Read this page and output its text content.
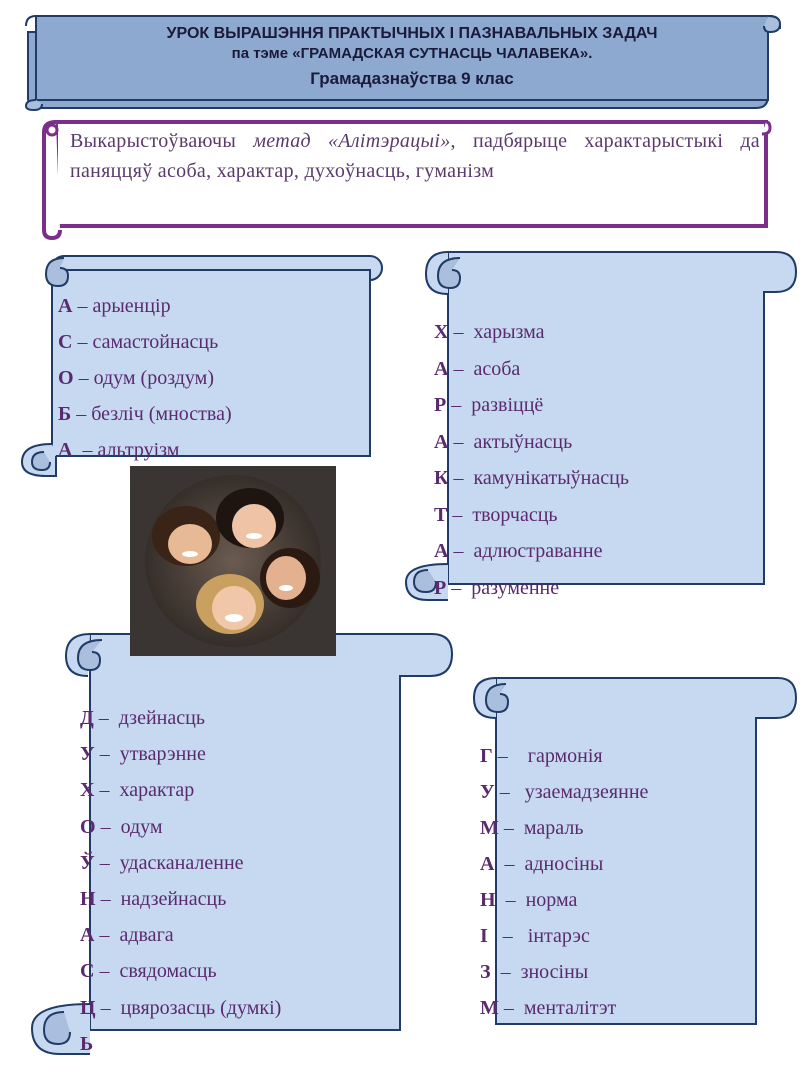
УРОК ВЫРАШЭННЯ ПРАКТЫЧНЫХ І ПАЗНАВАЛЬНЫХ ЗАДАЧ
па тэме «ГРАМАДСКАЯ СУТНАСЦЬ ЧАЛАВЕКА».
Грамадазнаўства 9 клас
Выкарыстоўваючы метад «Алітэрацыі», падбярыце характарыстыкі да паняццяў асоба, характар, духоўнасць, гуманізм
А – арыенцір
С – самастойнасць
О – одум (роздум)
Б – безліч (мноства)
А  – альтруізм
Х –  харызма
А –  асоба
Р –  развіццё
А –  актыўнасць
К –  камунікатыўнасць
Т –  творчасць
А –  адлюстраванне
Р –  разуменне
Д –  дзейнасць
У –  утварэнне
Х –  характар
О –  одум
Ў –  удасканаленне
Н –  надзейнасць
А –  адвага
С –  свядомасць
Ц –  цвярозасць (думкі)
Ь
Г –    гармонія
У –   узаемадзеянне
М –  мараль
А  –  адносіны
Н  –  норма
І   –   інтарэс
З  –  зносіны
М –  менталітэт
